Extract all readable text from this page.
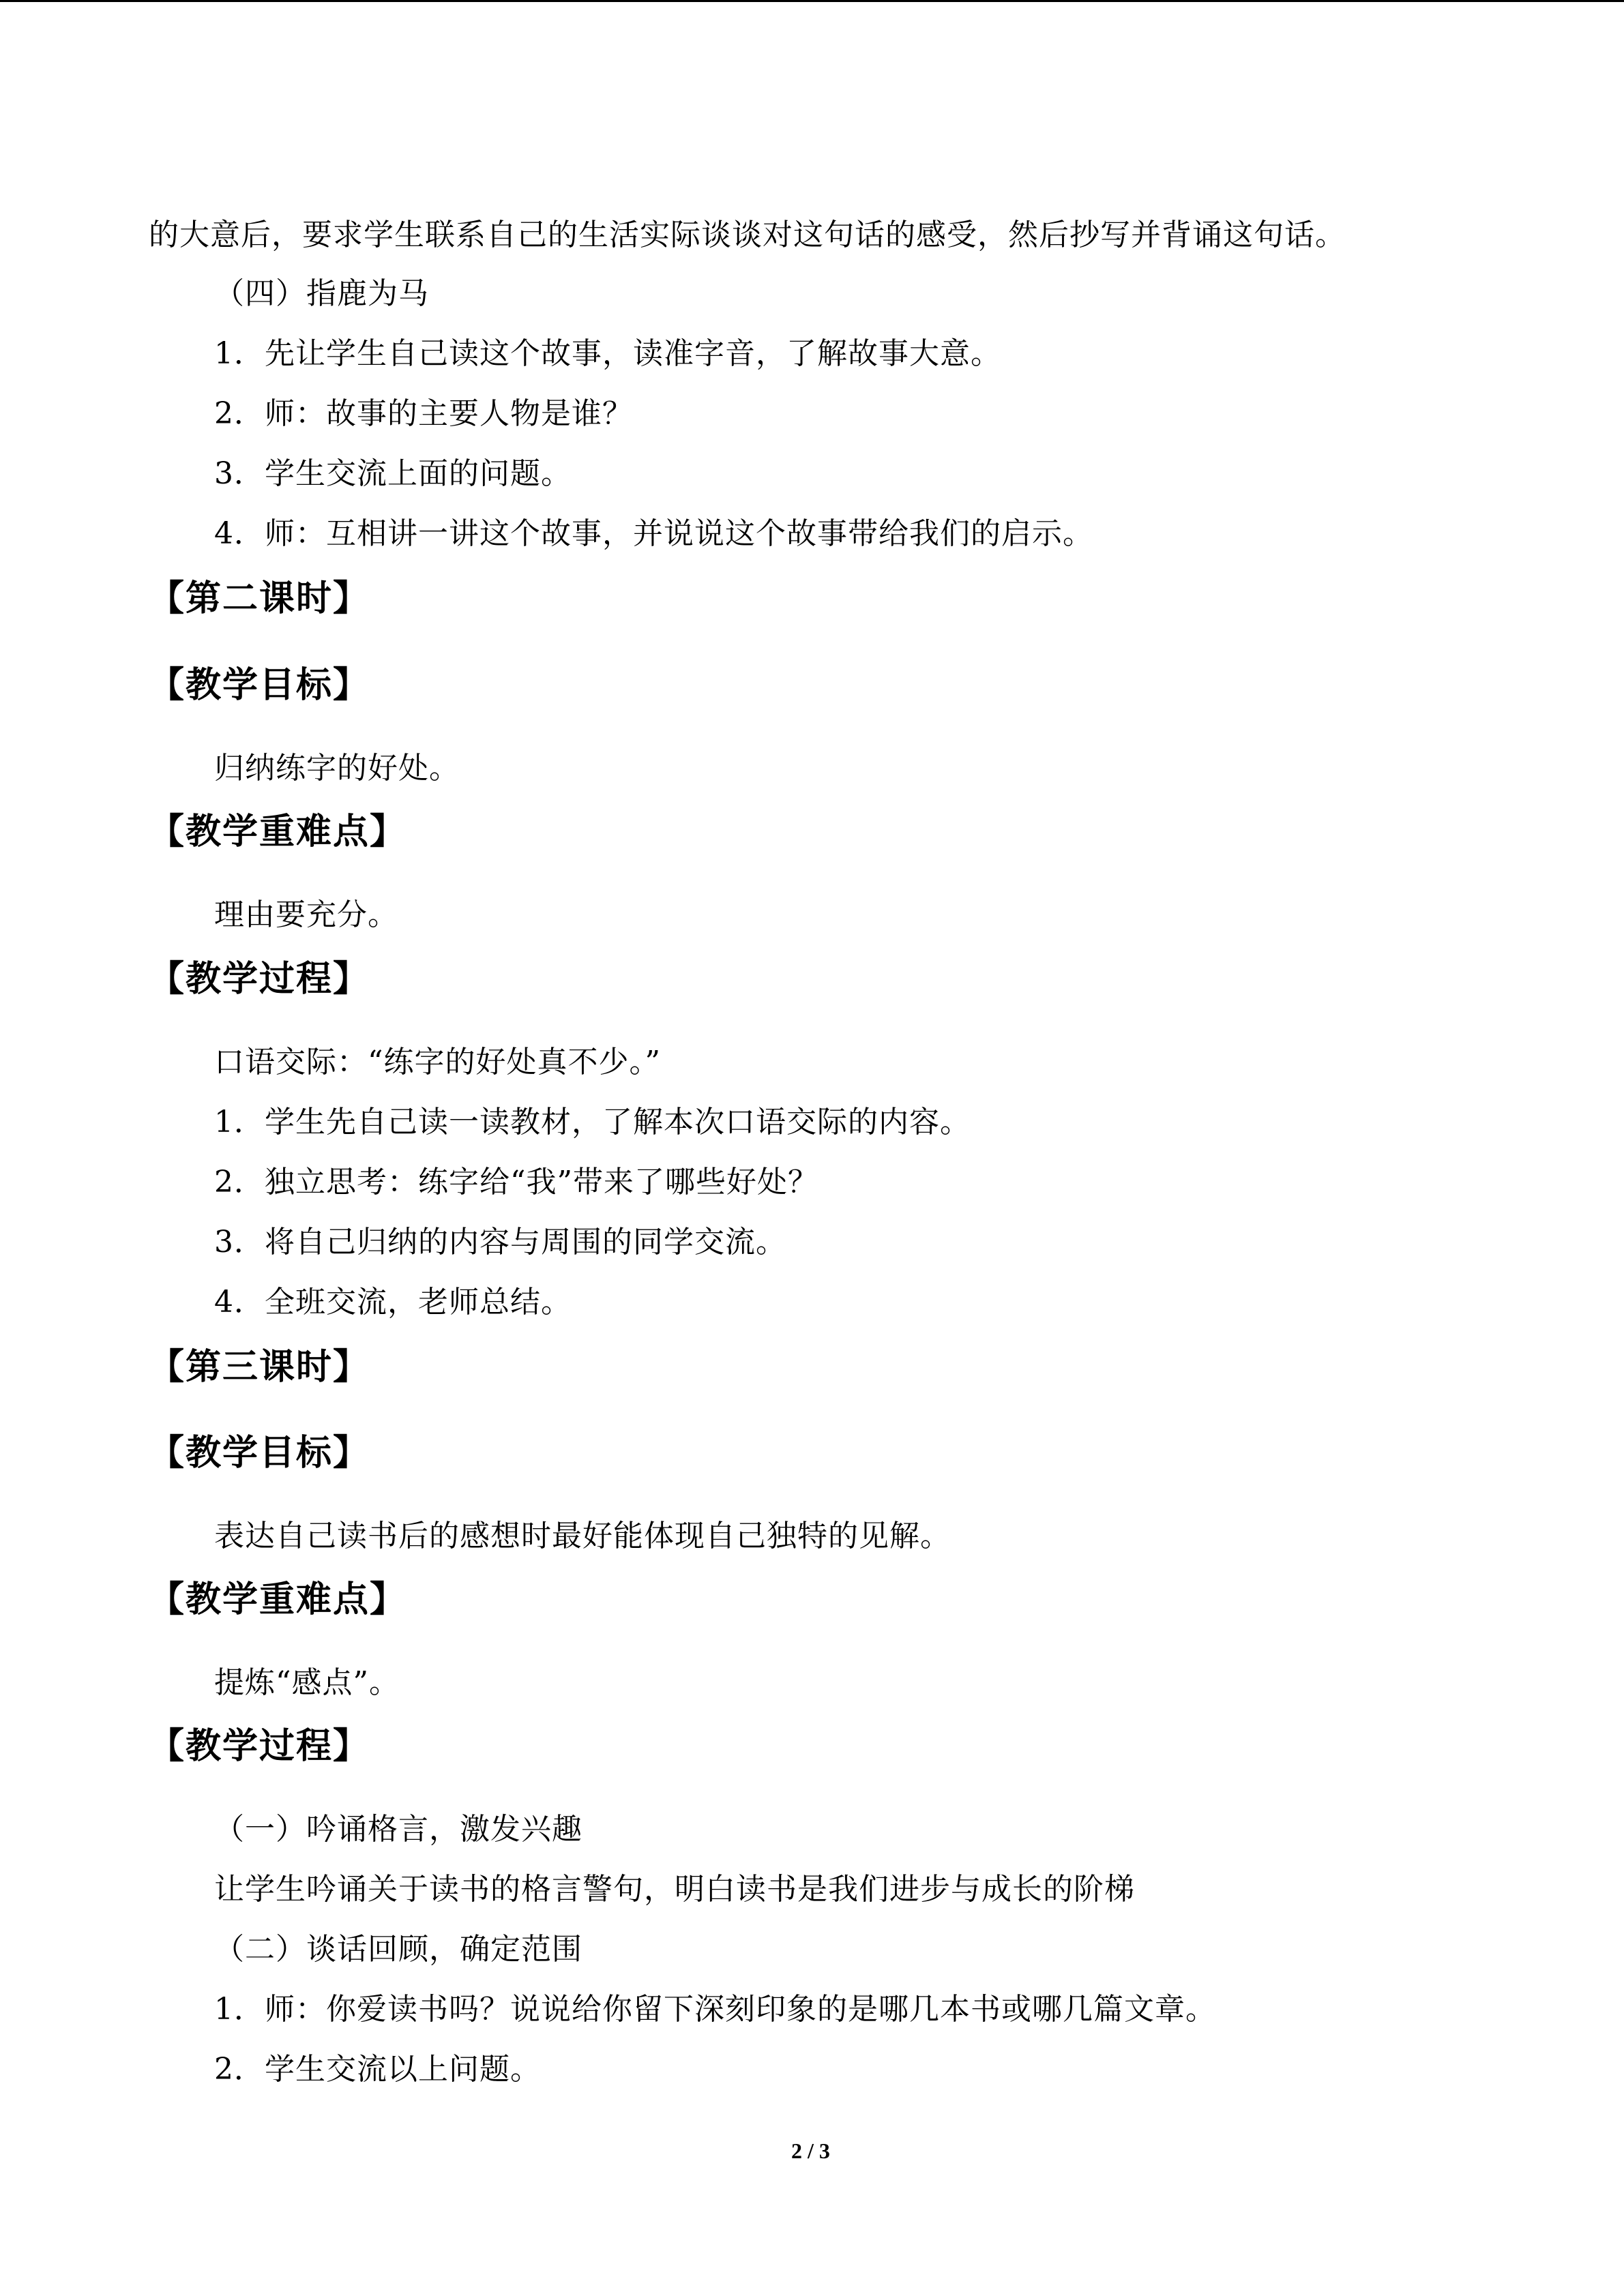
的大意后，要求学生联系自己的生活实际谈谈对这句话的感受，然后抄写并背诵这句话。
（四）指鹿为马
1．先让学生自己读这个故事，读准字音，了解故事大意。
2．师：故事的主要人物是谁？
3．学生交流上面的问题。
4．师：互相讲一讲这个故事，并说说这个故事带给我们的启示。
【第二课时】
【教学目标】
归纳练字的好处。
【教学重难点】
理由要充分。
【教学过程】
口语交际：“练字的好处真不少。”
1．学生先自己读一读教材，了解本次口语交际的内容。
2．独立思考：练字给“我”带来了哪些好处？
3．将自己归纳的内容与周围的同学交流。
4．全班交流，老师总结。
【第三课时】
【教学目标】
表达自己读书后的感想时最好能体现自己独特的见解。
【教学重难点】
提炼“感点”。
【教学过程】
（一）吟诵格言，激发兴趣
让学生吟诵关于读书的格言警句，明白读书是我们进步与成长的阶梯
（二）谈话回顾，确定范围
1．师：你爱读书吗？说说给你留下深刻印象的是哪几本书或哪几篇文章。
2．学生交流以上问题。
2 / 3
